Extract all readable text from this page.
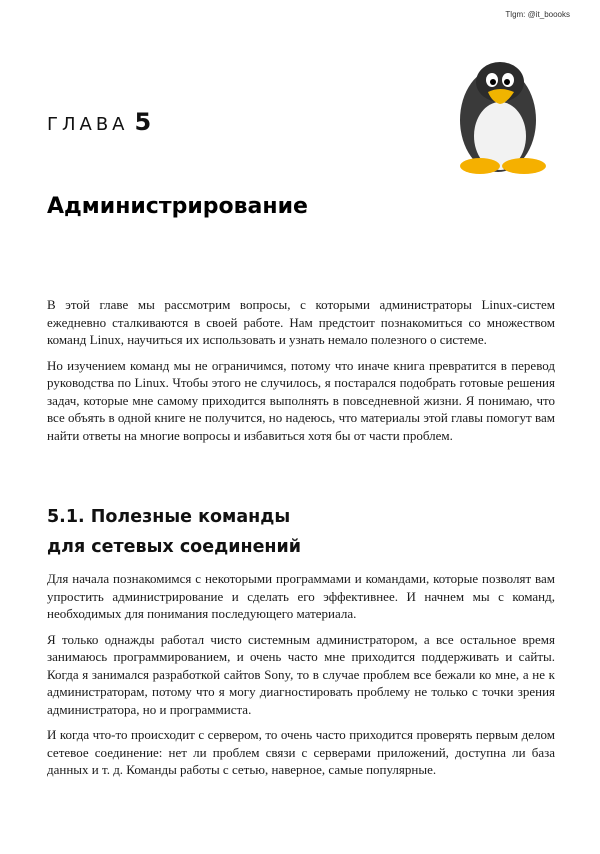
Tlgm: @it_boooks
ГЛАВА 5
Администрирование

В этой главе мы рассмотрим вопросы, с которыми администраторы Linux-систем ежедневно сталкиваются в своей работе. Нам предстоит познакомиться со множеством команд Linux, научиться их использовать и узнать немало полезного о системе.

Но изучением команд мы не ограничимся, потому что иначе книга превратится в перевод руководства по Linux. Чтобы этого не случилось, я постарался подобрать готовые решения задач, которые мне самому приходится выполнять в повседневной жизни. Я понимаю, что все объять в одной книге не получится, но надеюсь, что материалы этой главы помогут вам найти ответы на многие вопросы и избавиться хотя бы от части проблем.

5.1. Полезные команды
для сетевых соединений

Для начала познакомимся с некоторыми программами и командами, которые позволят вам упростить администрирование и сделать его эффективнее. И начнем мы с команд, необходимых для понимания последующего материала.

Я только однажды работал чисто системным администратором, а все остальное время занимаюсь программированием, и очень часто мне приходится поддерживать и сайты. Когда я занимался разработкой сайтов Sony, то в случае проблем все бежали ко мне, а не к администраторам, потому что я могу диагностировать проблему не только с точки зрения администратора, но и программиста.

И когда что-то происходит с сервером, то очень часто приходится проверять первым делом сетевое соединение: нет ли проблем связи с серверами приложений, доступна ли база данных и т. д. Команды работы с сетью, наверное, самые популярные.
